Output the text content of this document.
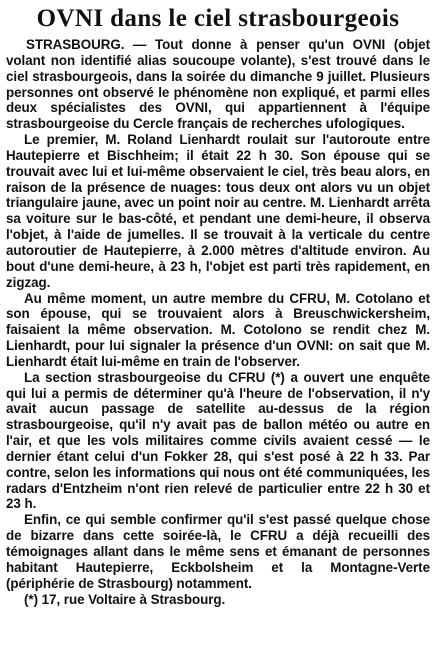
OVNI dans le ciel strasbourgeois

STRASBOURG. — Tout donne à penser qu'un OVNI (objet volant non identifié alias soucoupe volante), s'est trouvé dans le ciel strasbourgeois, dans la soirée du dimanche 9 juillet. Plusieurs personnes ont observé le phénomène non expliqué, et parmi elles deux spécialistes des OVNI, qui appartiennent à l'équipe strasbourgeoise du Cercle français de recherches ufologiques.

Le premier, M. Roland Lienhardt roulait sur l'autoroute entre Hautepierre et Bischheim; il était 22 h 30. Son épouse qui se trouvait avec lui et lui-même observaient le ciel, très beau alors, en raison de la présence de nuages: tous deux ont alors vu un objet triangulaire jaune, avec un point noir au centre. M. Lienhardt arrêta sa voiture sur le bas-côté, et pendant une demi-heure, il observa l'objet, à l'aide de jumelles. Il se trouvait à la verticale du centre autoroutier de Hautepierre, à 2.000 mètres d'altitude environ. Au bout d'une demi-heure, à 23 h, l'objet est parti très rapidement, en zigzag.

Au même moment, un autre membre du CFRU, M. Cotolano et son épouse, qui se trouvaient alors à Breuschwickersheim, faisaient la même observation. M. Cotolono se rendit chez M. Lienhardt, pour lui signaler la présence d'un OVNI: on sait que M. Lienhardt était lui-même en train de l'observer.

La section strasbourgeoise du CFRU (*) a ouvert une enquête qui lui a permis de déterminer qu'à l'heure de l'observation, il n'y avait aucun passage de satellite au-dessus de la région strasbourgeoise, qu'il n'y avait pas de ballon météo ou autre en l'air, et que les vols militaires comme civils avaient cessé — le dernier étant celui d'un Fokker 28, qui s'est posé à 22 h 33. Par contre, selon les informations qui nous ont été communiquées, les radars d'Entzheim n'ont rien relevé de particulier entre 22 h 30 et 23 h.

Enfin, ce qui semble confirmer qu'il s'est passé quelque chose de bizarre dans cette soirée-là, le CFRU a déjà recueilli des témoignages allant dans le même sens et émanant de personnes habitant Hautepierre, Eckbolsheim et la Montagne-Verte (périphérie de Strasbourg) notamment.

(*) 17, rue Voltaire à Strasbourg.
